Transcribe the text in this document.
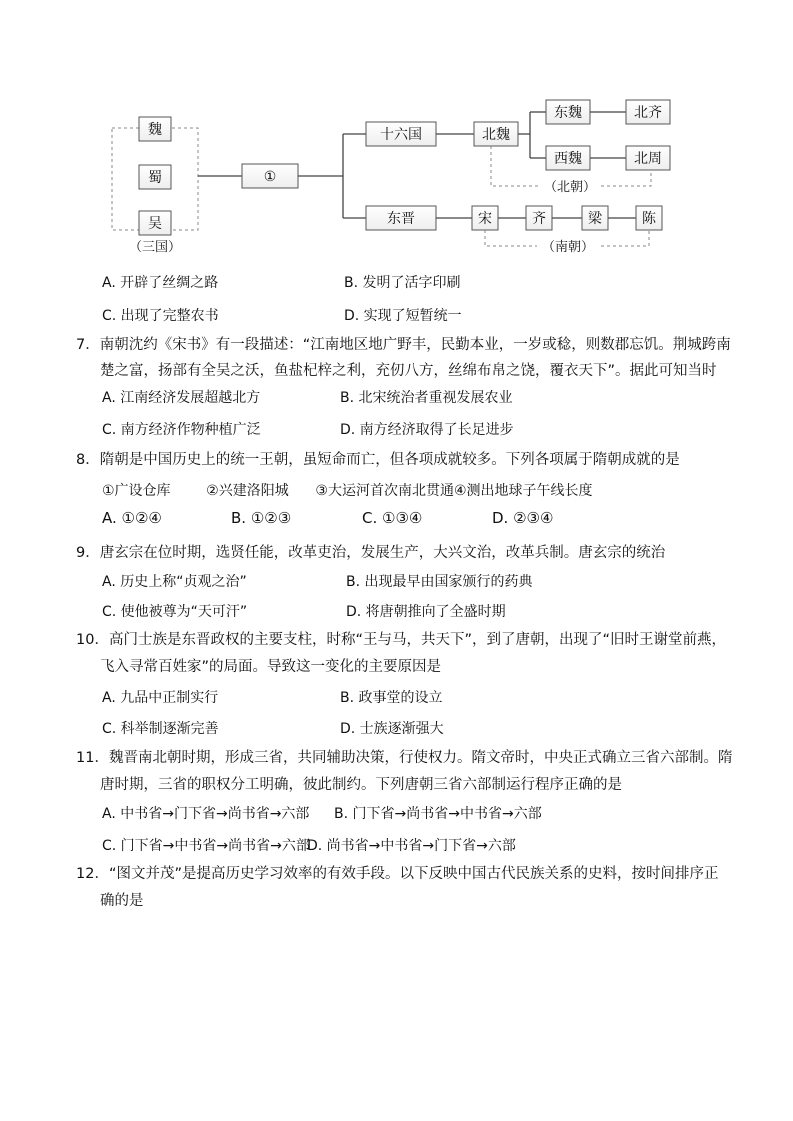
魏
蜀
吴
（三国）
①
十六国	北魏
东魏	北齐
西魏	北周
（北朝）
东晋	宋	齐	梁	陈
（南朝）
A. 开辟了丝绸之路	B. 发明了活字印刷
C. 出现了完整农书	D. 实现了短暂统一
7．南朝沈约《宋书》有一段描述：“江南地区地广野丰，民勤本业，一岁或稔，则数郡忘饥。荆城跨南
楚之富，扬部有全吴之沃，鱼盐杞梓之利，充仞八方，丝绵布帛之饶，覆衣天下”。据此可知当时
A. 江南经济发展超越北方	B. 北宋统治者重视发展农业
C. 南方经济作物种植广泛	D. 南方经济取得了长足进步
8．隋朝是中国历史上的统一王朝，虽短命而亡，但各项成就较多。下列各项属于隋朝成就的是
①广设仓库        ②兴建洛阳城      ③大运河首次南北贯通④测出地球子午线长度
A. ①②④	B. ①②③	C. ①③④	D. ②③④
9．唐玄宗在位时期，选贤任能，改革吏治，发展生产，大兴文治，改革兵制。唐玄宗的统治
A. 历史上称“贞观之治”	B. 出现最早由国家颁行的药典
C. 使他被尊为“天可汗”	D. 将唐朝推向了全盛时期
10．高门士族是东晋政权的主要支柱，时称“王与马，共天下”，到了唐朝，出现了“旧时王谢堂前燕，
飞入寻常百姓家”的局面。导致这一变化的主要原因是
A. 九品中正制实行	B. 政事堂的设立
C. 科举制逐渐完善	D. 士族逐渐强大
11．魏晋南北朝时期，形成三省，共同辅助决策，行使权力。隋文帝时，中央正式确立三省六部制。隋
唐时期，三省的职权分工明确，彼此制约。下列唐朝三省六部制运行程序正确的是
A. 中书省→门下省→尚书省→六部 B. 门下省→尚书省→中书省→六部
C. 门下省→中书省→尚书省→六部
D. 尚书省→中书省→门下省→六部
12．“图文并茂”是提高历史学习效率的有效手段。以下反映中国古代民族关系的史料，按时间排序正
确的是
